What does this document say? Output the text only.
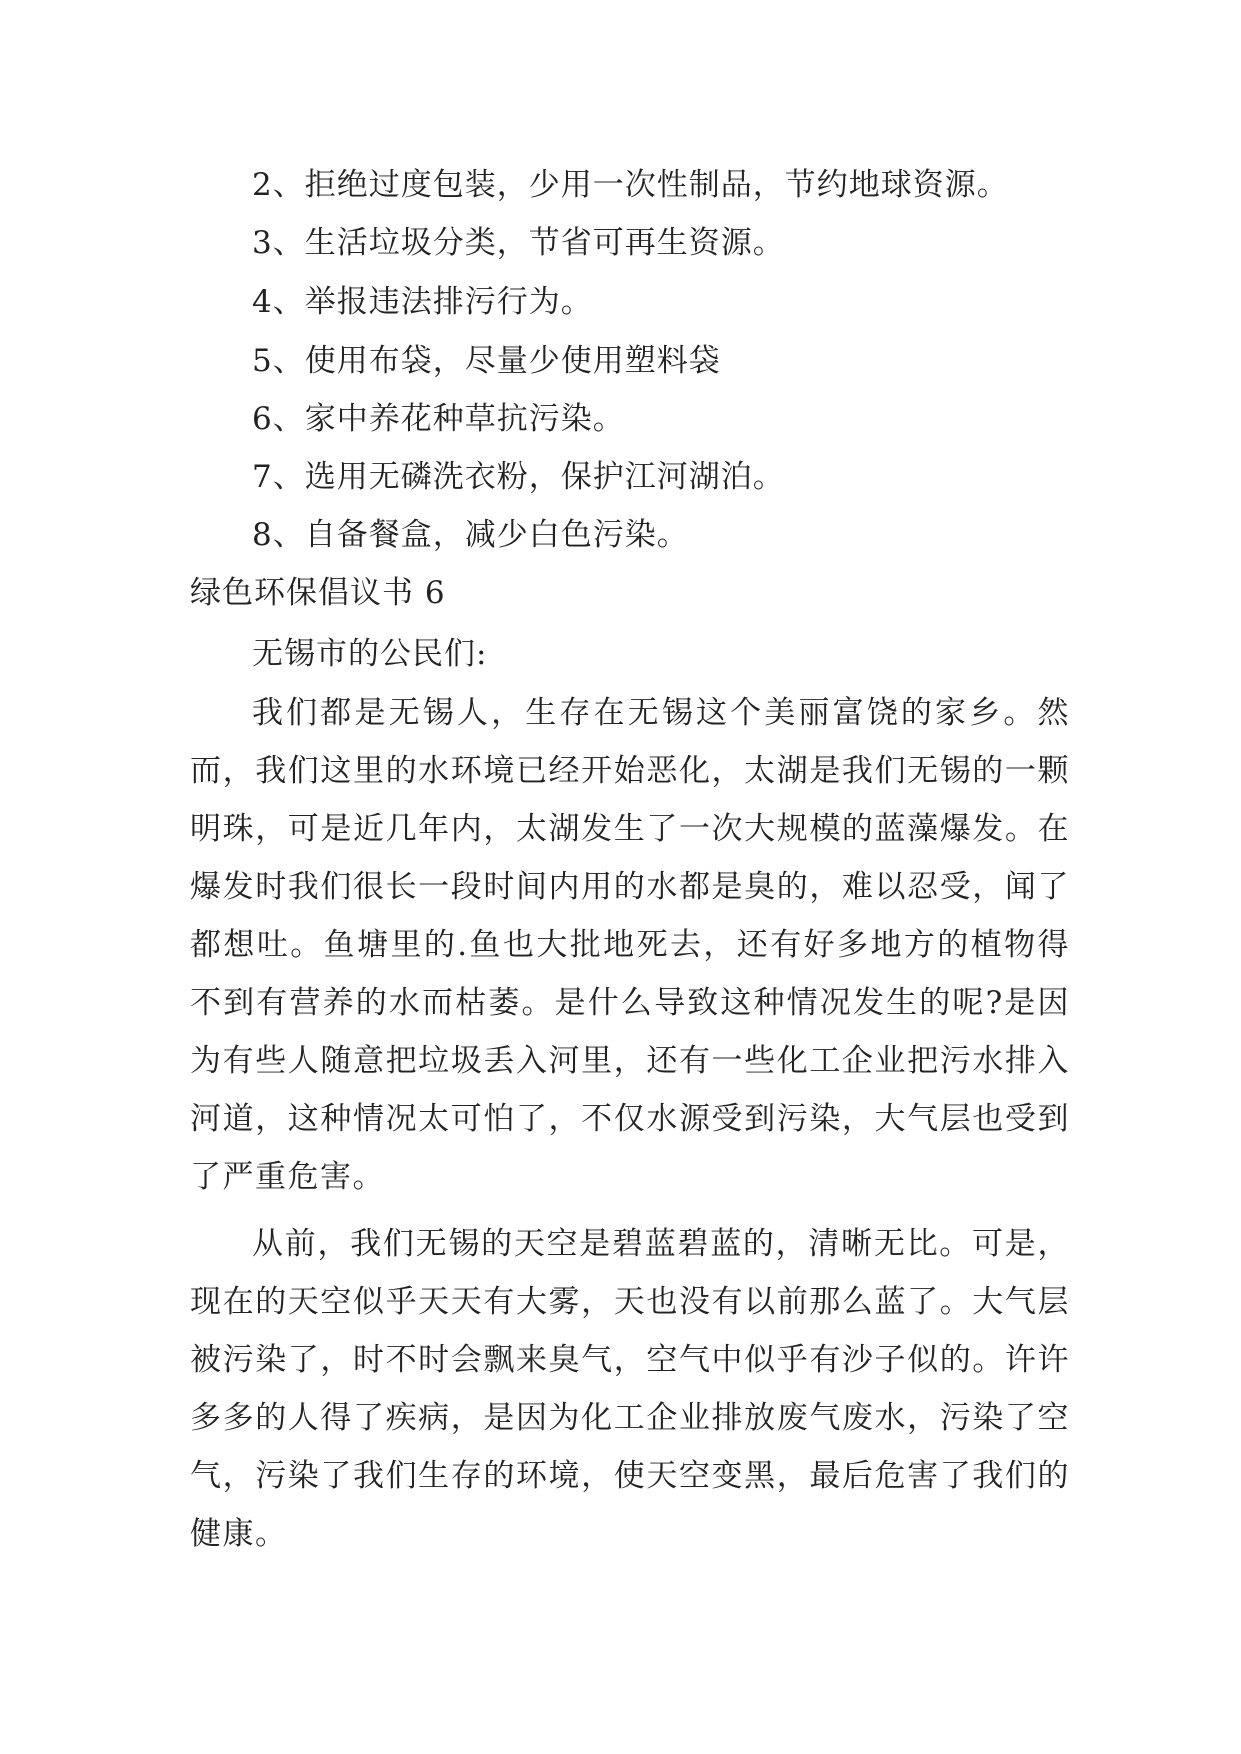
2、拒绝过度包装，少用一次性制品，节约地球资源。
3、生活垃圾分类，节省可再生资源。
4、举报违法排污行为。
5、使用布袋，尽量少使用塑料袋
6、家中养花种草抗污染。
7、选用无磷洗衣粉，保护江河湖泊。
8、自备餐盒，减少白色污染。
绿色环保倡议书 6
无锡市的公民们:

我们都是无锡人，生存在无锡这个美丽富饶的家乡。然而，我们这里的水环境已经开始恶化，太湖是我们无锡的一颗明珠，可是近几年内，太湖发生了一次大规模的蓝藻爆发。在爆发时我们很长一段时间内用的水都是臭的，难以忍受，闻了都想吐。鱼塘里的.鱼也大批地死去，还有好多地方的植物得不到有营养的水而枯萎。是什么导致这种情况发生的呢?是因为有些人随意把垃圾丢入河里，还有一些化工企业把污水排入河道，这种情况太可怕了，不仅水源受到污染，大气层也受到了严重危害。

从前，我们无锡的天空是碧蓝碧蓝的，清晰无比。可是，现在的天空似乎天天有大雾，天也没有以前那么蓝了。大气层被污染了，时不时会飘来臭气，空气中似乎有沙子似的。许许多多的人得了疾病，是因为化工企业排放废气废水，污染了空气，污染了我们生存的环境，使天空变黑，最后危害了我们的健康。
